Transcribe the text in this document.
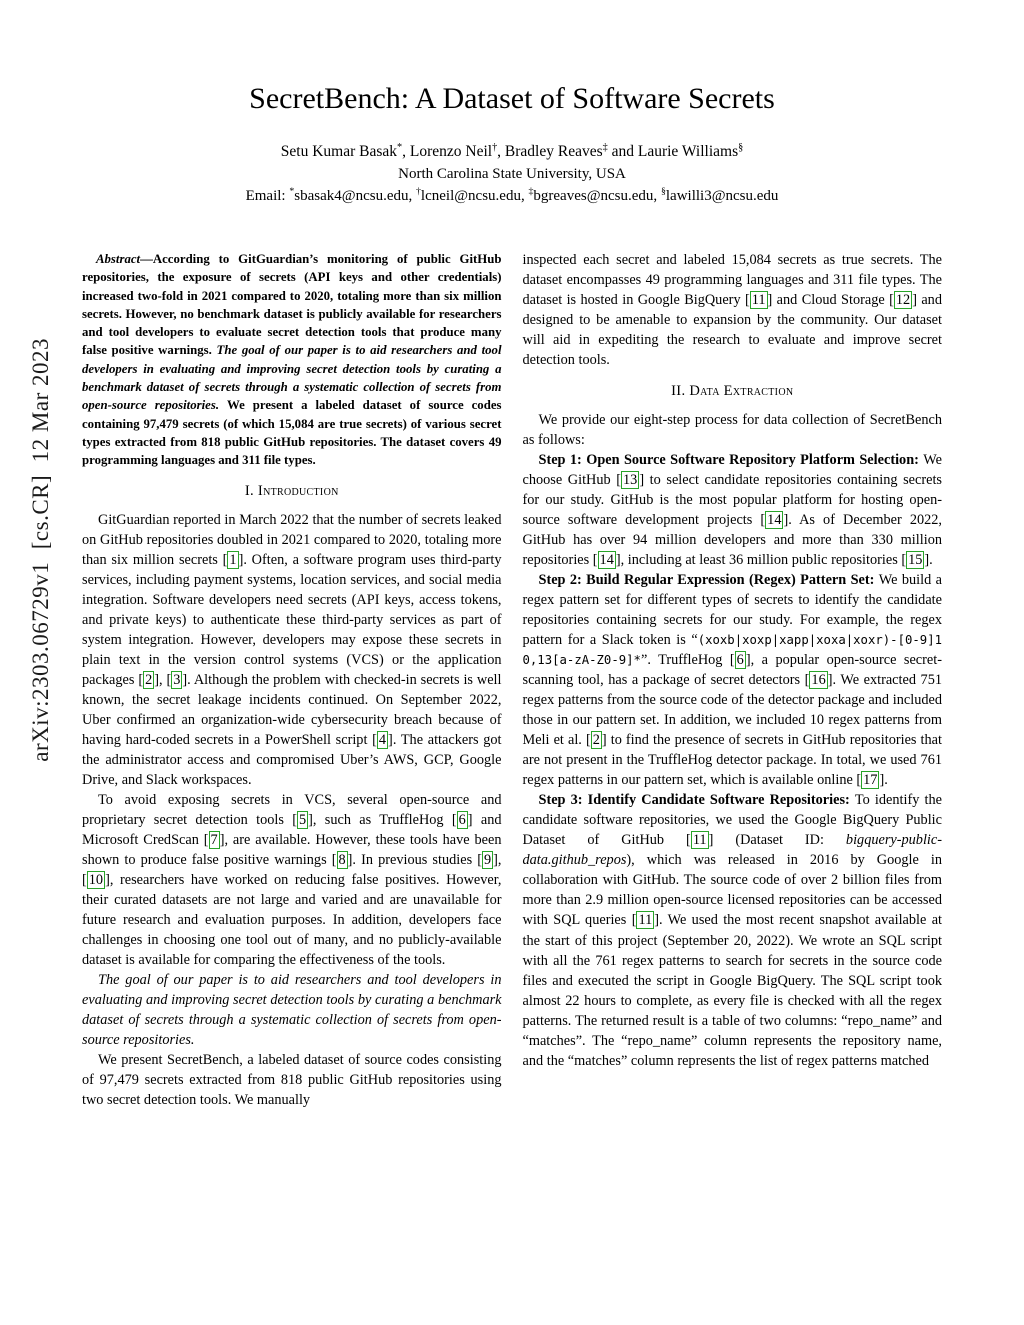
arXiv:2303.06729v1  [cs.CR]  12 Mar 2023
SecretBench: A Dataset of Software Secrets
Setu Kumar Basak*, Lorenzo Neil†, Bradley Reaves‡ and Laurie Williams§
North Carolina State University, USA
Email: *sbasak4@ncsu.edu, †lcneil@ncsu.edu, ‡bgreaves@ncsu.edu, §lawilli3@ncsu.edu

Abstract—According to GitGuardian’s monitoring of public GitHub repositories, the exposure of secrets (API keys and other credentials) increased two-fold in 2021 compared to 2020, totaling more than six million secrets. However, no benchmark dataset is publicly available for researchers and tool developers to evaluate secret detection tools that produce many false positive warnings. The goal of our paper is to aid researchers and tool developers in evaluating and improving secret detection tools by curating a benchmark dataset of secrets through a systematic collection of secrets from open-source repositories. We present a labeled dataset of source codes containing 97,479 secrets (of which 15,084 are true secrets) of various secret types extracted from 818 public GitHub repositories. The dataset covers 49 programming languages and 311 file types.

I. Introduction

GitGuardian reported in March 2022 that the number of secrets leaked on GitHub repositories doubled in 2021 compared to 2020, totaling more than six million secrets [ 1 ]. Often, a software program uses third-party services, including payment systems, location services, and social media integration. Software developers need secrets (API keys, access tokens, and private keys) to authenticate these third-party services as part of system integration. However, developers may expose these secrets in plain text in the version control systems (VCS) or the application packages [ 2 ], [ 3 ]. Although the problem with checked-in secrets is well known, the secret leakage incidents continued. On September 2022, Uber confirmed an organization-wide cybersecurity breach because of having hard-coded secrets in a PowerShell script [ 4 ]. The attackers got the administrator access and compromised Uber’s AWS, GCP, Google Drive, and Slack workspaces.

To avoid exposing secrets in VCS, several open-source and proprietary secret detection tools [ 5 ], such as TruffleHog [ 6 ] and Microsoft CredScan [ 7 ], are available. However, these tools have been shown to produce false positive warnings [ 8 ]. In previous studies [ 9 ], [ 10 ], researchers have worked on reducing false positives. However, their curated datasets are not large and varied and are unavailable for future research and evaluation purposes. In addition, developers face challenges in choosing one tool out of many, and no publicly-available dataset is available for comparing the effectiveness of the tools.

The goal of our paper is to aid researchers and tool developers in evaluating and improving secret detection tools by curating a benchmark dataset of secrets through a systematic collection of secrets from open-source repositories.

We present SecretBench, a labeled dataset of source codes consisting of 97,479 secrets extracted from 818 public GitHub repositories using two secret detection tools. We manually

inspected each secret and labeled 15,084 secrets as true secrets. The dataset encompasses 49 programming languages and 311 file types. The dataset is hosted in Google BigQuery [ 11 ] and Cloud Storage [ 12 ] and designed to be amenable to expansion by the community. Our dataset will aid in expediting the research to evaluate and improve secret detection tools.

II. Data Extraction

We provide our eight-step process for data collection of SecretBench as follows:

Step 1: Open Source Software Repository Platform Selection: We choose GitHub [ 13 ] to select candidate repositories containing secrets for our study. GitHub is the most popular platform for hosting open-source software development projects [ 14 ]. As of December 2022, GitHub has over 94 million developers and more than 330 million repositories [ 14 ], including at least 36 million public repositories [ 15 ].

Step 2: Build Regular Expression (Regex) Pattern Set: We build a regex pattern set for different types of secrets to identify the candidate repositories containing secrets for our study. For example, the regex pattern for a Slack token is “(xoxb|xoxp|xapp|xoxa|xoxr)-[0-9]10,13[a-zA-Z0-9]*”. TruffleHog [ 6 ], a popular open-source secret-scanning tool, has a package of secret detectors [ 16 ]. We extracted 751 regex patterns from the source code of the detector package and included those in our pattern set. In addition, we included 10 regex patterns from Meli et al. [ 2 ] to find the presence of secrets in GitHub repositories that are not present in the TruffleHog detector package. In total, we used 761 regex patterns in our pattern set, which is available online [ 17 ].

Step 3: Identify Candidate Software Repositories: To identify the candidate software repositories, we used the Google BigQuery Public Dataset of GitHub [ 11 ] (Dataset ID: bigquery-public-data.github_repos), which was released in 2016 by Google in collaboration with GitHub. The source code of over 2 billion files from more than 2.9 million open-source licensed repositories can be accessed with SQL queries [ 11 ]. We used the most recent snapshot available at the start of this project (September 20, 2022). We wrote an SQL script with all the 761 regex patterns to search for secrets in the source code files and executed the script in Google BigQuery. The SQL script took almost 22 hours to complete, as every file is checked with all the regex patterns. The returned result is a table of two columns: “repo_name” and “matches”. The “repo_name” column represents the repository name, and the “matches” column represents the list of regex patterns matched
